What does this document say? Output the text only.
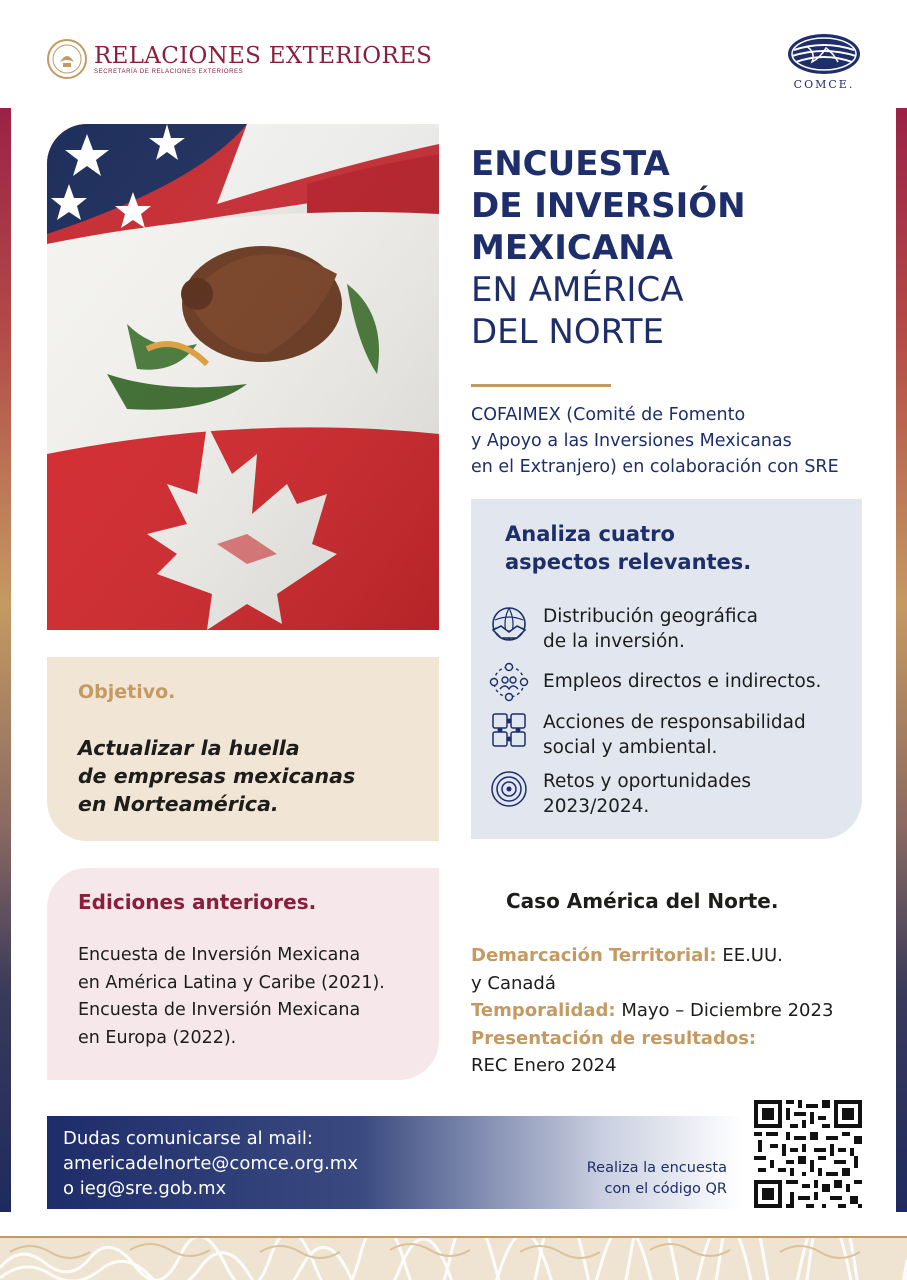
RELACIONES EXTERIORES
SECRETARÍA DE RELACIONES EXTERIORES
COMCE.
ENCUESTA
DE INVERSIÓN
MEXICANA
EN AMÉRICA
DEL NORTE
COFAIMEX (Comité de Fomento
y Apoyo a las Inversiones Mexicanas
en el Extranjero) en colaboración con SRE
Analiza cuatro
aspectos relevantes.
Distribución geográfica
de la inversión.
Empleos directos e indirectos.
Acciones de responsabilidad
social y ambiental.
Retos y oportunidades
2023/2024.
Objetivo.
Actualizar la huella
de empresas mexicanas
en Norteamérica.
Ediciones anteriores.
Encuesta de Inversión Mexicana
en América Latina y Caribe (2021).
Encuesta de Inversión Mexicana
en Europa (2022).
Caso América del Norte.
Demarcación Territorial: EE.UU.
y Canadá
Temporalidad: Mayo – Diciembre 2023
Presentación de resultados:
REC Enero 2024
Dudas comunicarse al mail:
americadelnorte@comce.org.mx
o ieg@sre.gob.mx
Realiza la encuesta
con el código QR
